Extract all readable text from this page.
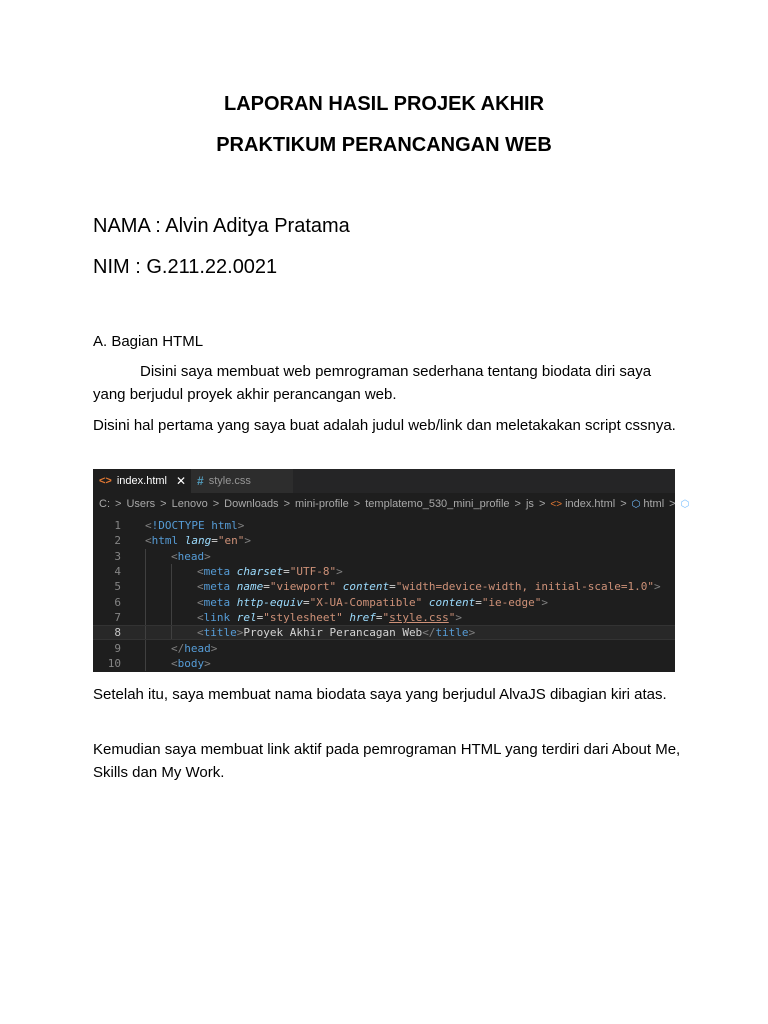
LAPORAN HASIL PROJEK AKHIR
PRAKTIKUM PERANCANGAN WEB
NAMA : Alvin Aditya Pratama
NIM : G.211.22.0021
A. Bagian HTML
Disini saya membuat web pemrograman sederhana tentang biodata diri saya yang berjudul proyek akhir perancangan web.
Disini hal pertama yang saya buat adalah judul web/link dan meletakakan script cssnya.
<> index.html ✕ # style.css
C: > Users > Lenovo > Downloads > mini-profile > templatemo_530_mini_profile > js > <> index.html > ⬡ html > ⬡
1	<!DOCTYPE html>
2	<html lang="en">
3	<head>
4	<meta charset="UTF-8">
5	<meta name="viewport" content="width=device-width, initial-scale=1.0">
6	<meta http-equiv="X-UA-Compatible" content="ie-edge">
7	<link rel="stylesheet" href="style.css">
8	<title>Proyek Akhir Perancagan Web</title>
9	</head>
10	<body>
Setelah itu, saya membuat nama biodata saya yang berjudul AlvaJS dibagian kiri atas.
Kemudian saya membuat link aktif pada pemrograman HTML yang terdiri dari About Me, Skills dan My Work.
